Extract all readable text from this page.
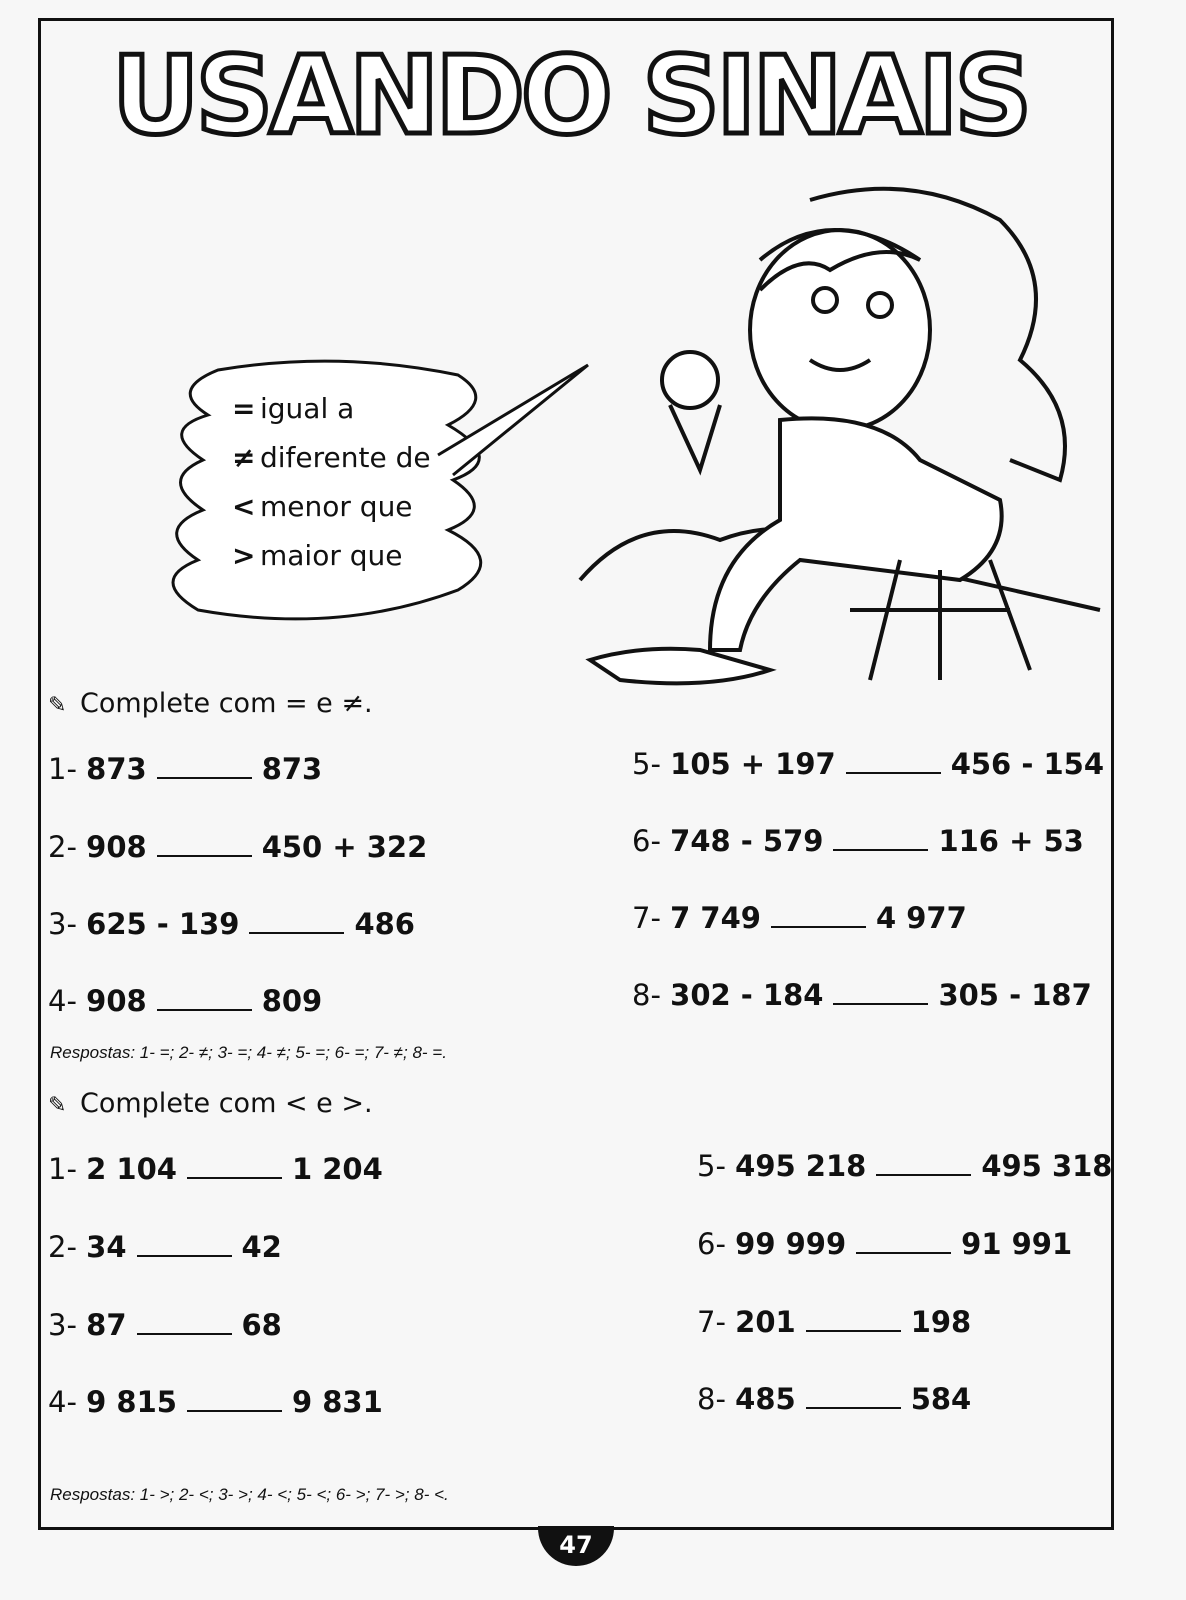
USANDO SINAIS
= igual a
≠ diferente de
< menor que
> maior que
✎ Complete com = e ≠.
1- 873	873
2- 908	450 + 322
3- 625 - 139	486
4- 908	809
5- 105 + 197	456 - 154
6- 748 - 579	116 + 53
7- 7 749	4 977
8- 302 - 184	305 - 187
Respostas: 1- =; 2- ≠; 3- =; 4- ≠; 5- =; 6- =; 7- ≠; 8- =.
✎ Complete com < e >.
1- 2 104	1 204
2- 34	42
3- 87	68
4- 9 815	9 831
5- 495 218	495 318
6- 99 999	91 991
7- 201	198
8- 485	584
Respostas: 1- >; 2- <; 3- >; 4- <; 5- <; 6- >; 7- >; 8- <.
47
